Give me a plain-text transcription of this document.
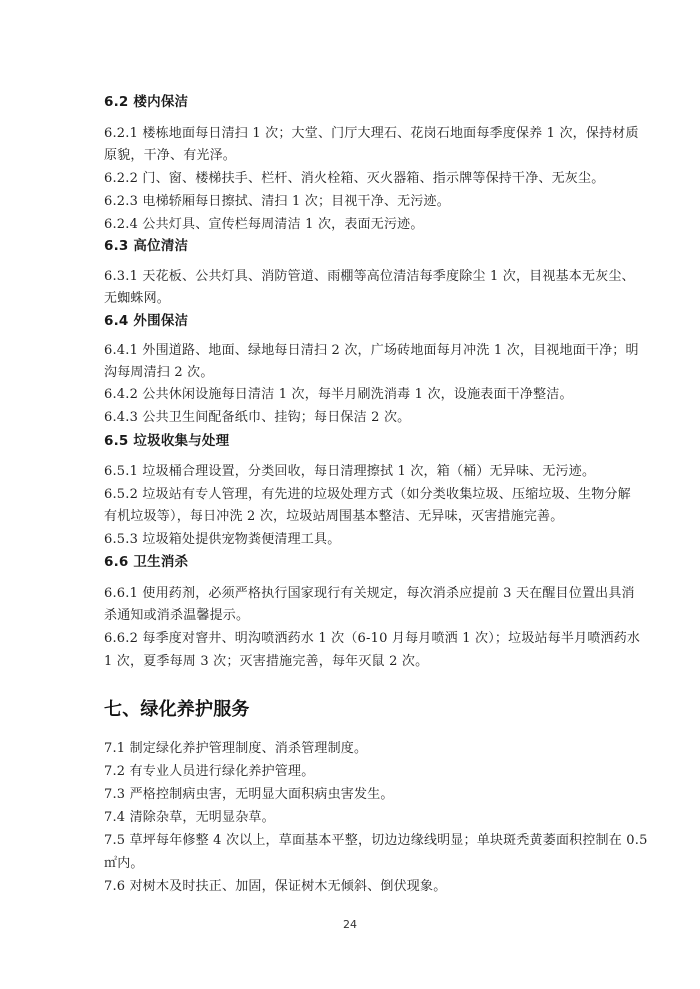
6.2 楼内保洁
6.2.1 楼栋地面每日清扫 1 次；大堂、门厅大理石、花岗石地面每季度保养 1 次，保持材质
原貌，干净、有光泽。
6.2.2 门、窗、楼梯扶手、栏杆、消火栓箱、灭火器箱、指示牌等保持干净、无灰尘。
6.2.3 电梯轿厢每日擦拭、清扫 1 次；目视干净、无污迹。
6.2.4 公共灯具、宣传栏每周清洁 1 次，表面无污迹。
6.3 高位清洁
6.3.1 天花板、公共灯具、消防管道、雨棚等高位清洁每季度除尘 1 次，目视基本无灰尘、
无蜘蛛网。
6.4 外围保洁
6.4.1 外围道路、地面、绿地每日清扫 2 次，广场砖地面每月冲洗 1 次，目视地面干净；明
沟每周清扫 2 次。
6.4.2 公共休闲设施每日清洁 1 次，每半月刷洗消毒 1 次，设施表面干净整洁。
6.4.3 公共卫生间配备纸巾、挂钩；每日保洁 2 次。
6.5 垃圾收集与处理
6.5.1 垃圾桶合理设置，分类回收，每日清理擦拭 1 次，箱（桶）无异味、无污迹。
6.5.2 垃圾站有专人管理，有先进的垃圾处理方式（如分类收集垃圾、压缩垃圾、生物分解
有机垃圾等），每日冲洗 2 次，垃圾站周围基本整洁、无异味，灭害措施完善。
6.5.3 垃圾箱处提供宠物粪便清理工具。
6.6 卫生消杀
6.6.1 使用药剂，必须严格执行国家现行有关规定，每次消杀应提前 3 天在醒目位置出具消
杀通知或消杀温馨提示。
6.6.2 每季度对窨井、明沟喷洒药水 1 次（6-10 月每月喷洒 1 次）；垃圾站每半月喷洒药水
1 次，夏季每周 3 次；灭害措施完善，每年灭鼠 2 次。
七、绿化养护服务
7.1 制定绿化养护管理制度、消杀管理制度。
7.2 有专业人员进行绿化养护管理。
7.3 严格控制病虫害，无明显大面积病虫害发生。
7.4 清除杂草，无明显杂草。
7.5 草坪每年修整 4 次以上，草面基本平整，切边边缘线明显；单块斑秃黄萎面积控制在 0.5
㎡内。
7.6 对树木及时扶正、加固，保证树木无倾斜、倒伏现象。
24
